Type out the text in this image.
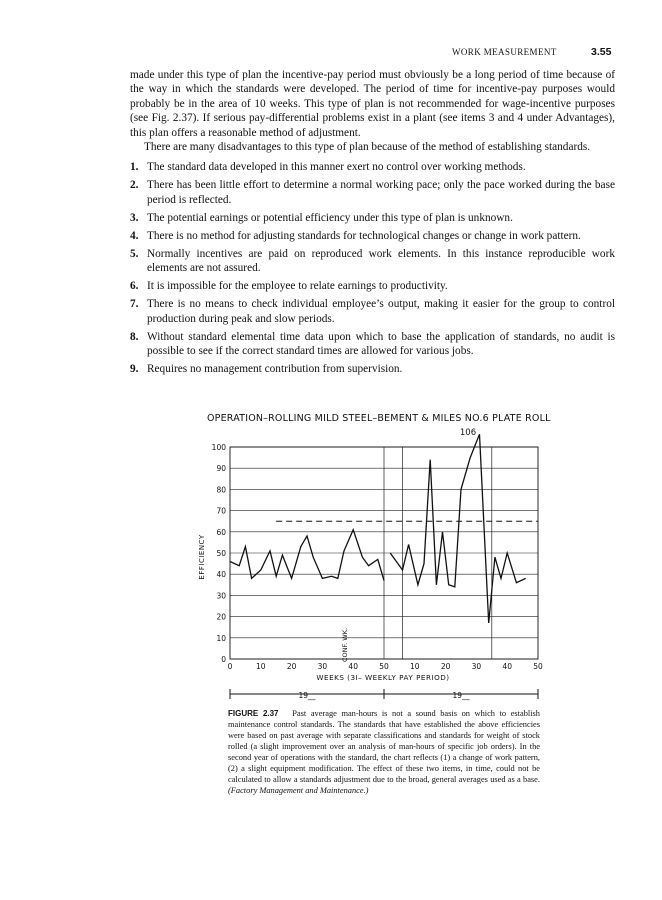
WORK MEASUREMENT	3.55

made under this type of plan the incentive-pay period must obviously be a long period of time because of the way in which the standards were developed. The period of time for incentive-pay purposes would probably be in the area of 10 weeks. This type of plan is not recommended for wage-incentive purposes (see Fig. 2.37). If serious pay-differential problems exist in a plant (see items 3 and 4 under Advantages), this plan offers a reasonable method of adjustment.

There are many disadvantages to this type of plan because of the method of establishing standards.

1. The standard data developed in this manner exert no control over working methods.
2. There has been little effort to determine a normal working pace; only the pace worked during the base period is reflected.
3. The potential earnings or potential efficiency under this type of plan is unknown.
4. There is no method for adjusting standards for technological changes or change in work pattern.
5. Normally incentives are paid on reproduced work elements. In this instance reproducible work elements are not assured.
6. It is impossible for the employee to relate earnings to productivity.
7. There is no means to check individual employee’s output, making it easier for the group to control production during peak and slow periods.
8. Without standard elemental time data upon which to base the application of standards, no audit is possible to see if the correct standard times are allowed for various jobs.
9. Requires no management contribution from supervision.
OPERATION–ROLLING MILD STEEL–BEMENT & MILES NO.6 PLATE ROLL
106
0
10
20
30
40
50
60
70
80
90
100
0	10	20	30	40	50	10	20	30	40	50
WEEKS (3I– WEEKLY PAY PERIOD)
EFFICIENCY
CONF. WK.
19__	19__
FIGURE 2.37 Past average man-hours is not a sound basis on which to establish maintenance control standards. The standards that have established the above efficiencies were based on past average with separate classifications and standards for weight of stock rolled (a slight improvement over an analysis of man-hours of specific job orders). In the second year of operations with the standard, the chart reflects (1) a change of work pattern, (2) a slight equipment modification. The effect of these two items, in time, could not be calculated to allow a standards adjustment due to the broad, general averages used as a base. (Factory Management and Maintenance.)
